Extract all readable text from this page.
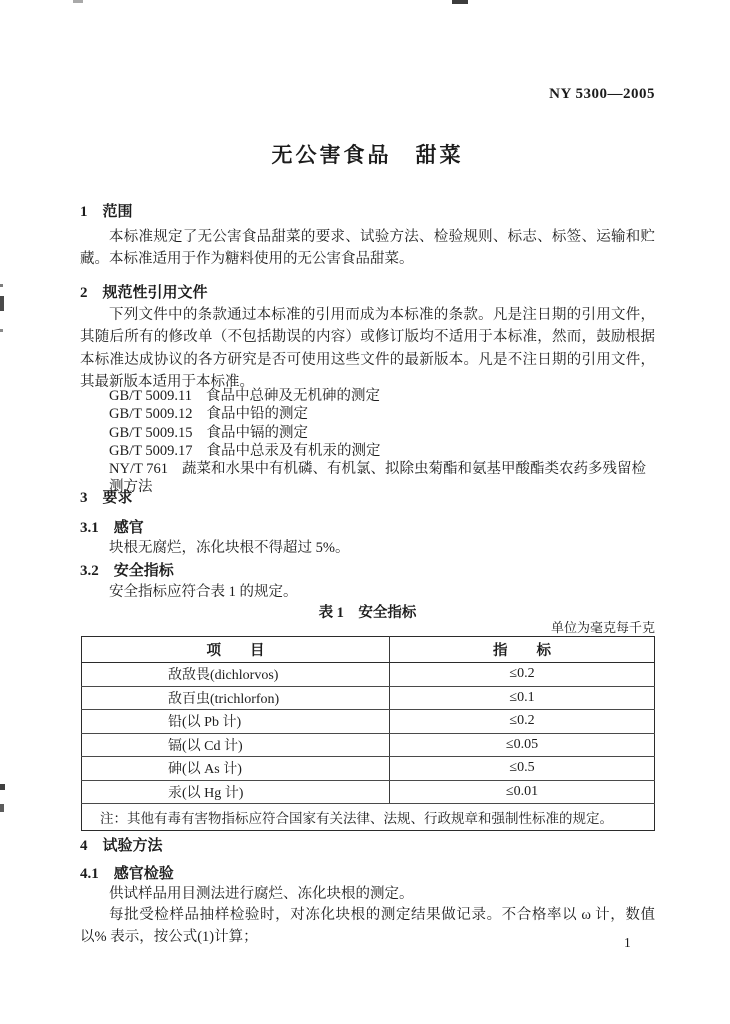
NY 5300—2005
无公害食品　甜菜
1　范围
本标准规定了无公害食品甜菜的要求、试验方法、检验规则、标志、标签、运输和贮藏。 本标准适用于作为糖料使用的无公害食品甜菜。
2　规范性引用文件
下列文件中的条款通过本标准的引用而成为本标准的条款。凡是注日期的引用文件，其随后所有的修改单（不包括勘误的内容）或修订版均不适用于本标准，然而，鼓励根据本标准达成协议的各方研究是否可使用这些文件的最新版本。凡是不注日期的引用文件，其最新版本适用于本标准。
GB/T 5009.11 食品中总砷及无机砷的测定
GB/T 5009.12 食品中铅的测定
GB/T 5009.15 食品中镉的测定
GB/T 5009.17 食品中总汞及有机汞的测定
NY/T 761 蔬菜和水果中有机磷、有机氯、拟除虫菊酯和氨基甲酸酯类农药多残留检测方法
3　要求
3.1　感官
块根无腐烂，冻化块根不得超过 5%。
3.2　安全指标
安全指标应符合表 1 的规定。
表 1　安全指标
单位为毫克每千克
项　　目	指　　标
敌敌畏(dichlorvos)	≤0.2
敌百虫(trichlorfon)	≤0.1
铅(以 Pb 计)	≤0.2
镉(以 Cd 计)	≤0.05
砷(以 As 计)	≤0.5
汞(以 Hg 计)	≤0.01
注：其他有毒有害物指标应符合国家有关法律、法规、行政规章和强制性标准的规定。	
4　试验方法
4.1　感官检验
供试样品用目测法进行腐烂、冻化块根的测定。
每批受检样品抽样检验时，对冻化块根的测定结果做记录。不合格率以 ω 计，数值以% 表示，按公式(1)计算；	1
